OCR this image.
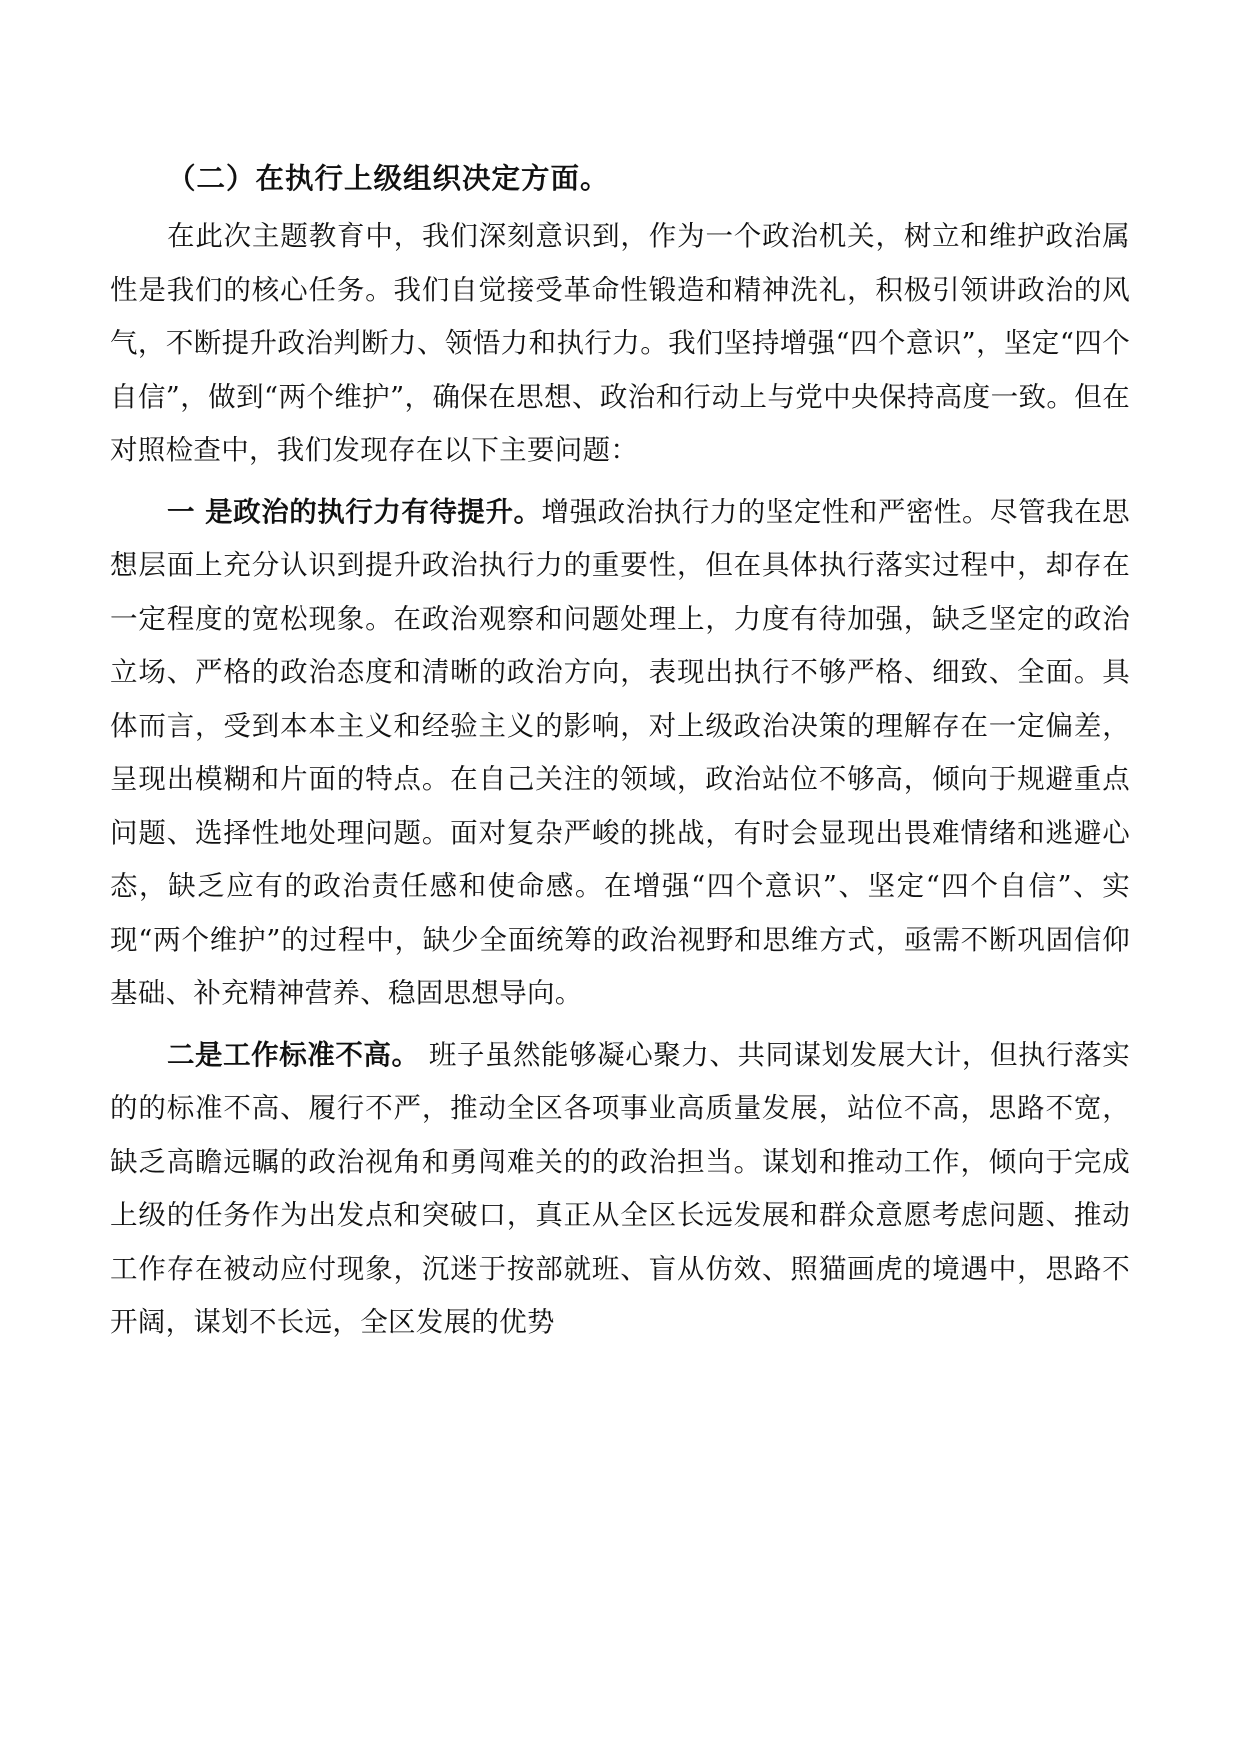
（二）在执行上级组织决定方面。

在此次主题教育中，我们深刻意识到，作为一个政治机关，树立和维护政治属性是我们的核心任务。我们自觉接受革命性锻造和精神洗礼，积极引领讲政治的风气，不断提升政治判断力、领悟力和执行力。我们坚持增强“四个意识”，坚定“四个自信”，做到“两个维护”，确保在思想、政治和行动上与党中央保持高度一致。但在对照检查中，我们发现存在以下主要问题：

一 是政治的执行力有待提升。增强政治执行力的坚定性和严密性。尽管我在思想层面上充分认识到提升政治执行力的重要性，但在具体执行落实过程中，却存在一定程度的宽松现象。在政治观察和问题处理上，力度有待加强，缺乏坚定的政治立场、严格的政治态度和清晰的政治方向，表现出执行不够严格、细致、全面。具体而言，受到本本主义和经验主义的影响，对上级政治决策的理解存在一定偏差，呈现出模糊和片面的特点。在自己关注的领域，政治站位不够高，倾向于规避重点问题、选择性地处理问题。面对复杂严峻的挑战，有时会显现出畏难情绪和逃避心态，缺乏应有的政治责任感和使命感。在增强“四个意识”、坚定“四个自信”、实现“两个维护”的过程中，缺少全面统筹的政治视野和思维方式，亟需不断巩固信仰基础、补充精神营养、稳固思想导向。

二是工作标准不高。 班子虽然能够凝心聚力、共同谋划发展大计，但执行落实的的标准不高、履行不严，推动全区各项事业高质量发展，站位不高，思路不宽，缺乏高瞻远瞩的政治视角和勇闯难关的的政治担当。谋划和推动工作，倾向于完成上级的任务作为出发点和突破口，真正从全区长远发展和群众意愿考虑问题、推动工作存在被动应付现象，沉迷于按部就班、盲从仿效、照猫画虎的境遇中，思路不开阔，谋划不长远，全区发展的优势
